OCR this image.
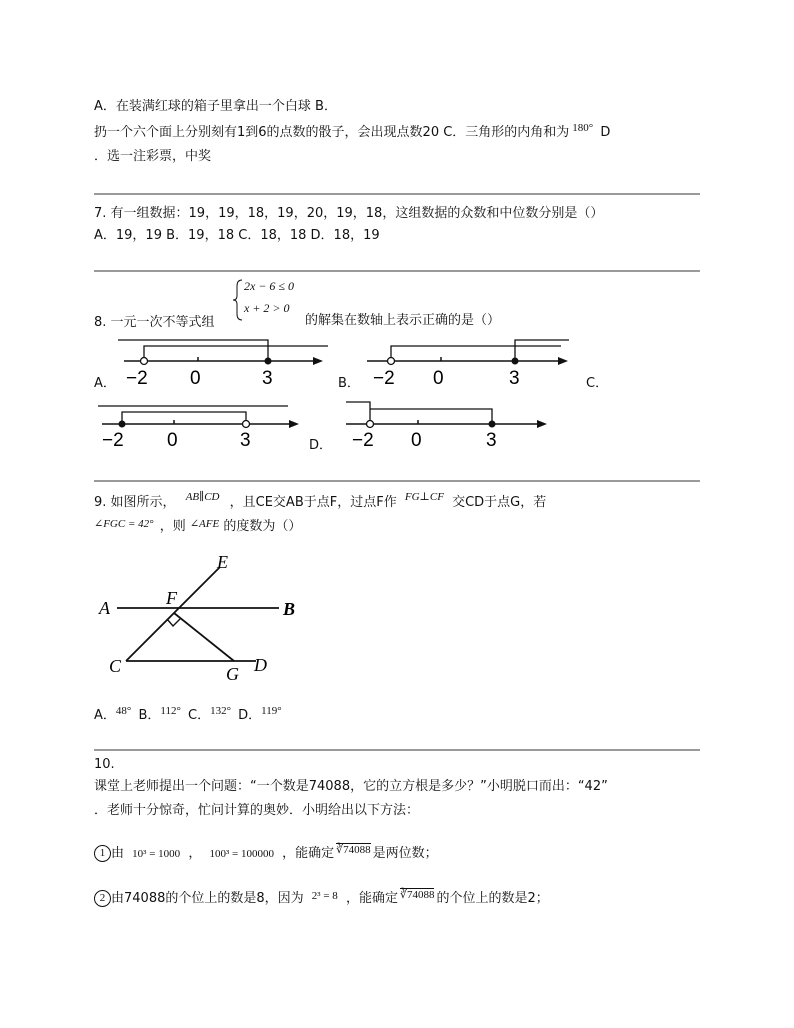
A．在装满红球的箱子里拿出一个白球 B．
扔一个六个面上分别刻有1到6的点数的骰子，会出现点数20 C．三角形的内角和为 $^{180^\circ}$ D
．选一注彩票，中奖
7. 有一组数据：19，19，18，19，20，19，18，这组数据的众数和中位数分别是（）
A．19，19 B．19，18 C．18，18 D．18，19
8. 一元一次不等式组
2x − 6 ≤ 0
x + 2 > 0
的解集在数轴上表示正确的是（）
A． −2 0	3	B． −2 0	3	C．
−2 0	3	D． −2 0	3
9. 如图所示， $^{AB\parallel CD}$ ，且CE交AB于点F，过点F作 $^{FG\perp CF}$ 交CD于点G，若
$^{\angle FGC = 42^\circ}$ ，则 $^{\angle AFE}$ 的度数为（）
E
A	F
B
C	G D
A．$^{48^\circ}$ B．$^{112^\circ}$ C．$^{132^\circ}$ D．$^{119^\circ}$
10.
课堂上老师提出一个问题：“一个数是74088，它的立方根是多少？”小明脱口而出：“42”
．老师十分惊奇，忙问计算的奥妙．小明给出以下方法：
1 由 10³ = 1000 ， 100³ = 100000 ，能确定 $^{∛74088}$ 是两位数；
2 由74088的个位上的数是8，因为 $^{2^3 = 8}$ ，能确定 $^{∛74088}$ 的个位上的数是2；
